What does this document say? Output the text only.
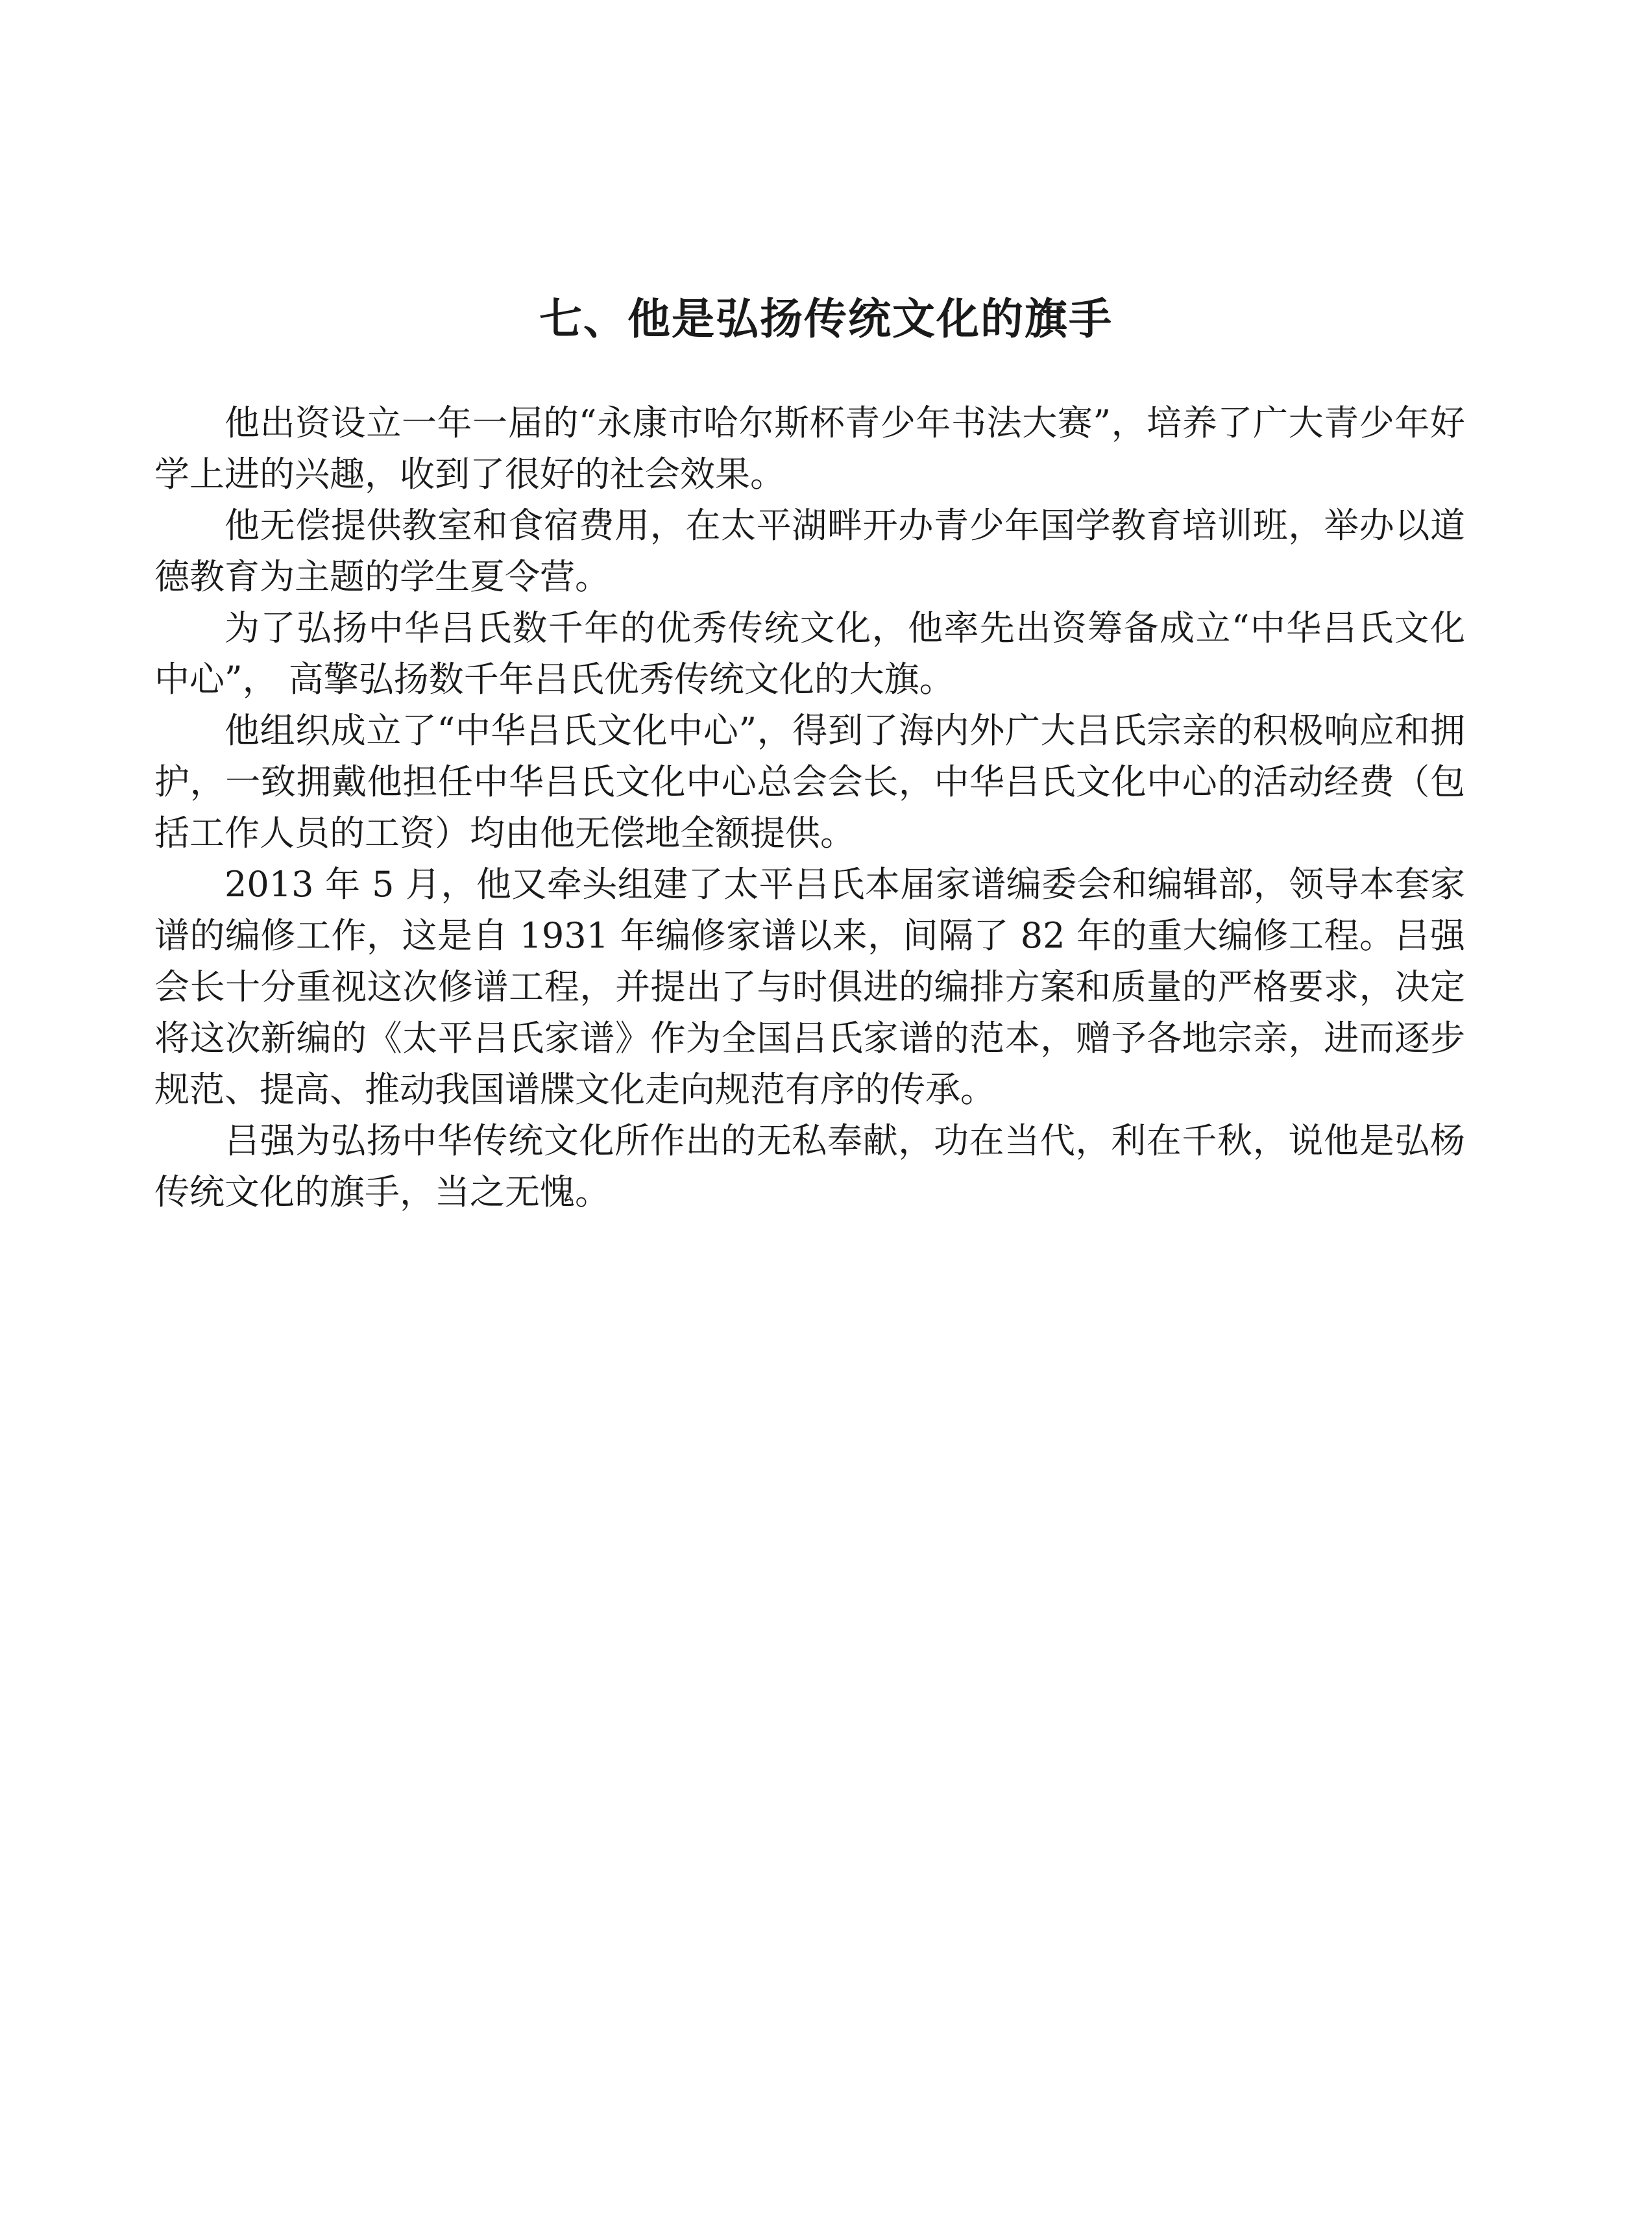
七、他是弘扬传统文化的旗手

他出资设立一年一届的“永康市哈尔斯杯青少年书法大赛”，培养了广大青少年好学上进的兴趣，收到了很好的社会效果。

他无偿提供教室和食宿费用，在太平湖畔开办青少年国学教育培训班，举办以道德教育为主题的学生夏令营。

为了弘扬中华吕氏数千年的优秀传统文化，他率先出资筹备成立“中华吕氏文化中心”， 高擎弘扬数千年吕氏优秀传统文化的大旗。

他组织成立了“中华吕氏文化中心”，得到了海内外广大吕氏宗亲的积极响应和拥护，一致拥戴他担任中华吕氏文化中心总会会长，中华吕氏文化中心的活动经费（包括工作人员的工资）均由他无偿地全额提供。

2013 年 5 月，他又牵头组建了太平吕氏本届家谱编委会和编辑部，领导本套家谱的编修工作，这是自 1931 年编修家谱以来，间隔了 82 年的重大编修工程。吕强会长十分重视这次修谱工程，并提出了与时俱进的编排方案和质量的严格要求，决定将这次新编的《太平吕氏家谱》作为全国吕氏家谱的范本，赠予各地宗亲，进而逐步规范、提高、推动我国谱牒文化走向规范有序的传承。

吕强为弘扬中华传统文化所作出的无私奉献，功在当代，利在千秋，说他是弘杨传统文化的旗手，当之无愧。
